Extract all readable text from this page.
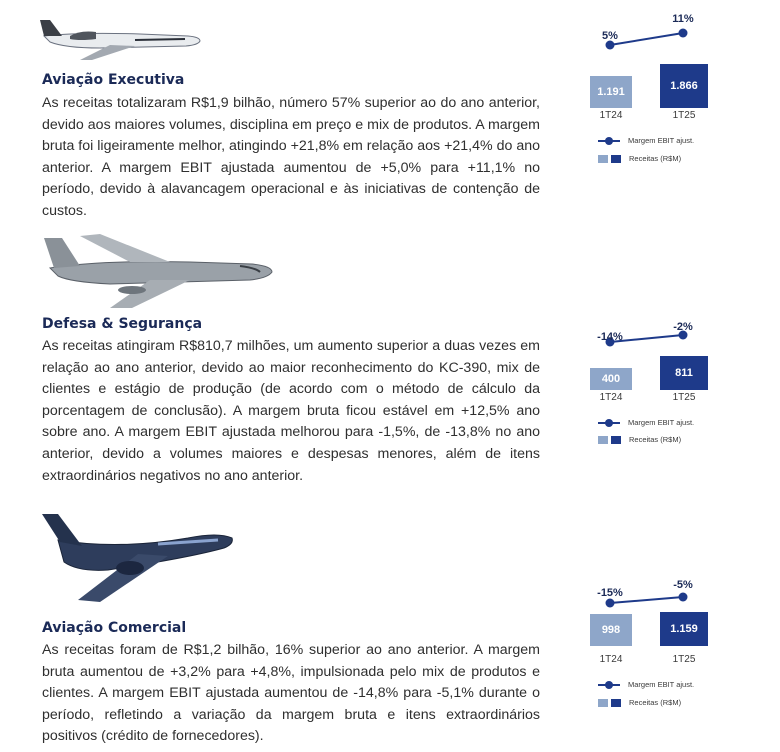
Aviação Executiva

As receitas totalizaram R$1,9 bilhão, número 57% superior ao do ano anterior, devido aos maiores volumes, disciplina em preço e mix de produtos. A margem bruta foi ligeiramente melhor, atingindo +21,8% em relação aos +21,4% do ano anterior. A margem EBIT ajustada aumentou de +5,0% para +11,1% no período, devido à alavancagem operacional e às iniciativas de contenção de custos.

5%
11%
1.191	1.866
1T24	1T25
Margem EBIT ajust.
Receitas (R$M)

Defesa & Segurança

As receitas atingiram R$810,7 milhões, um aumento superior a duas vezes em relação ao ano anterior, devido ao maior reconhecimento do KC-390, mix de clientes e estágio de produção (de acordo com o método de cálculo da porcentagem de conclusão). A margem bruta ficou estável em +12,5% ano sobre ano. A margem EBIT ajustada melhorou para -1,5%, de -13,8% no ano anterior, devido a volumes maiores e despesas menores, além de itens extraordinários negativos no ano anterior.

-14%
-2%
400	811
1T24	1T25
Margem EBIT ajust.
Receitas (R$M)

Aviação Comercial

As receitas foram de R$1,2 bilhão, 16% superior ao ano anterior. A margem bruta aumentou de +3,2% para +4,8%, impulsionada pelo mix de produtos e clientes. A margem EBIT ajustada aumentou de -14,8% para -5,1% durante o período, refletindo a variação da margem bruta e itens extraordinários positivos (crédito de fornecedores).

-15%
-5%
998	1.159
1T24	1T25
Margem EBIT ajust.
Receitas (R$M)
